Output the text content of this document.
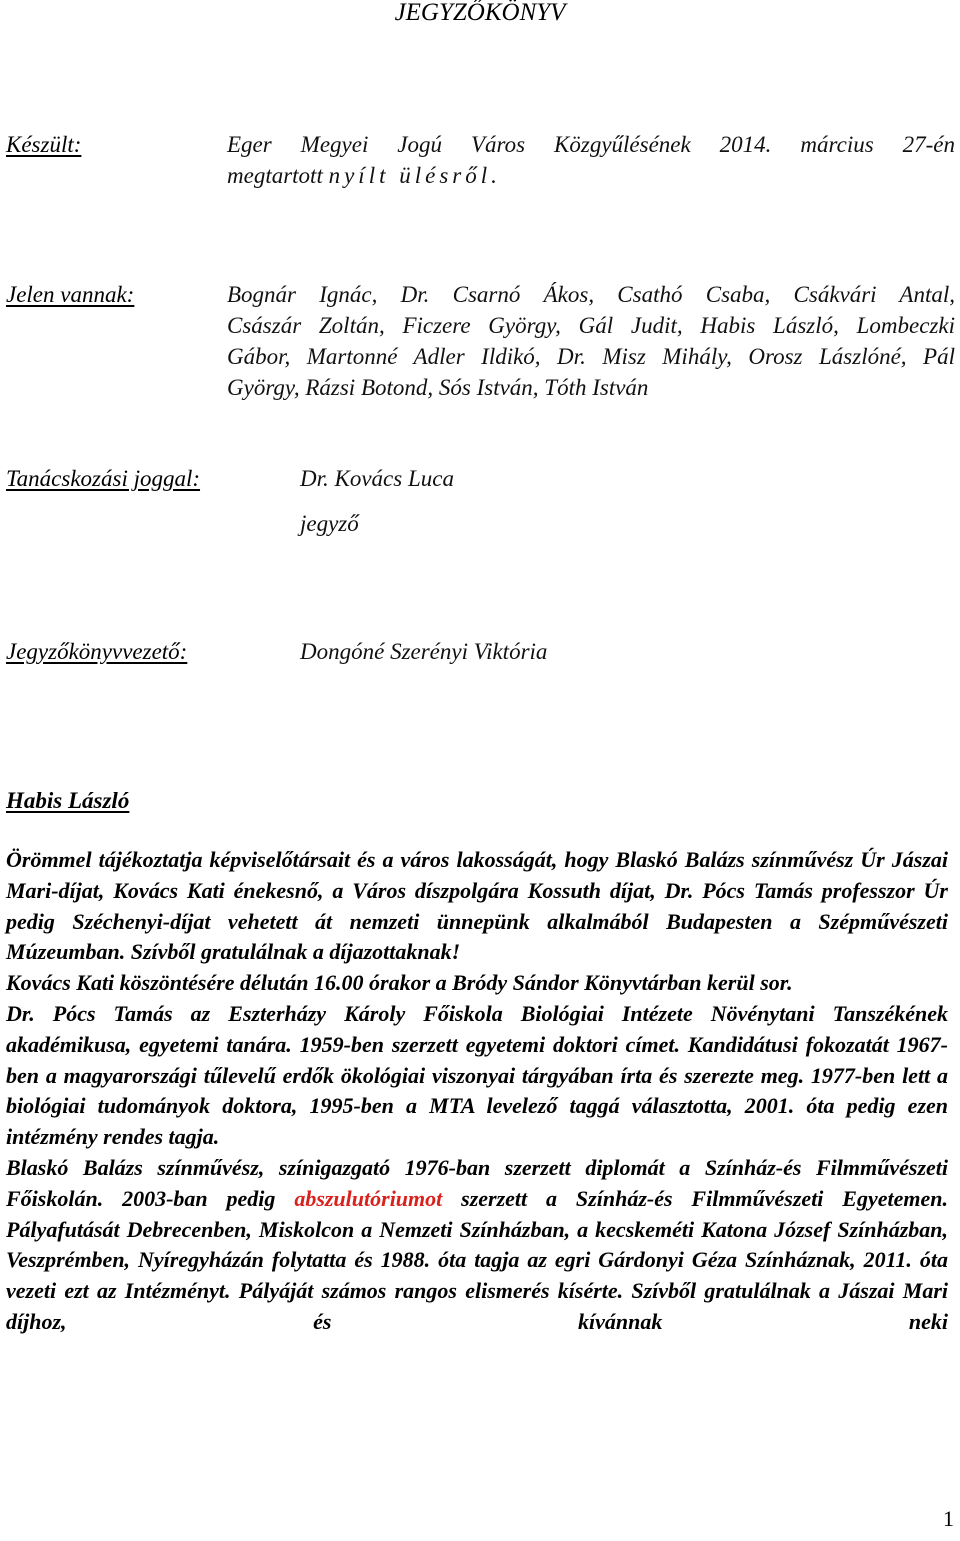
JEGYZŐKÖNYV
Készült:	Eger Megyei Jogú Város Közgyűlésének 2014. március 27-én
megtartott nyílt ülésről.
Jelen vannak:	Bognár Ignác, Dr. Csarnó Ákos, Csathó Csaba, Csákvári Antal,
Császár Zoltán, Ficzere György, Gál Judit, Habis László, Lombeczki
Gábor, Martonné Adler Ildikó, Dr. Misz Mihály, Orosz Lászlóné, Pál
György, Rázsi Botond, Sós István, Tóth István
Tanácskozási joggal:	Dr. Kovács Luca
jegyző
Jegyzőkönyvvezető:	Dongóné Szerényi Viktória
Habis László

Örömmel tájékoztatja képviselőtársait és a város lakosságát, hogy Blaskó Balázs színművész Úr Jászai Mari-díjat, Kovács Kati énekesnő, a Város díszpolgára Kossuth díjat, Dr. Pócs Tamás professzor Úr pedig Széchenyi-díjat vehetett át nemzeti ünnepünk alkalmából Budapesten a Szépművészeti Múzeumban. Szívből gratulálnak a díjazottaknak!

Kovács Kati köszöntésére délután 16.00 órakor a Bródy Sándor Könyvtárban kerül sor.

Dr. Pócs Tamás az Eszterházy Károly Főiskola Biológiai Intézete Növénytani Tanszékének akadémikusa, egyetemi tanára. 1959-ben szerzett egyetemi doktori címet. Kandidátusi fokozatát 1967-ben a magyarországi tűlevelű erdők ökológiai viszonyai tárgyában írta és szerezte meg. 1977-ben lett a biológiai tudományok doktora, 1995-ben a MTA levelező taggá választotta, 2001. óta pedig ezen intézmény rendes tagja.

Blaskó Balázs színművész, színigazgató 1976-ban szerzett diplomát a Színház-és Filmművészeti Főiskolán. 2003-ban pedig abszulutóriumot szerzett a Színház-és Filmművészeti Egyetemen. Pályafutását Debrecenben, Miskolcon a Nemzeti Színházban, a kecskeméti Katona József Színházban, Veszprémben, Nyíregyházán folytatta és 1988. óta tagja az egri Gárdonyi Géza Színháznak, 2011. óta vezeti ezt az Intézményt. Pályáját számos rangos elismerés kísérte. Szívből gratulálnak a Jászai Mari díjhoz, és kívánnak neki

1
